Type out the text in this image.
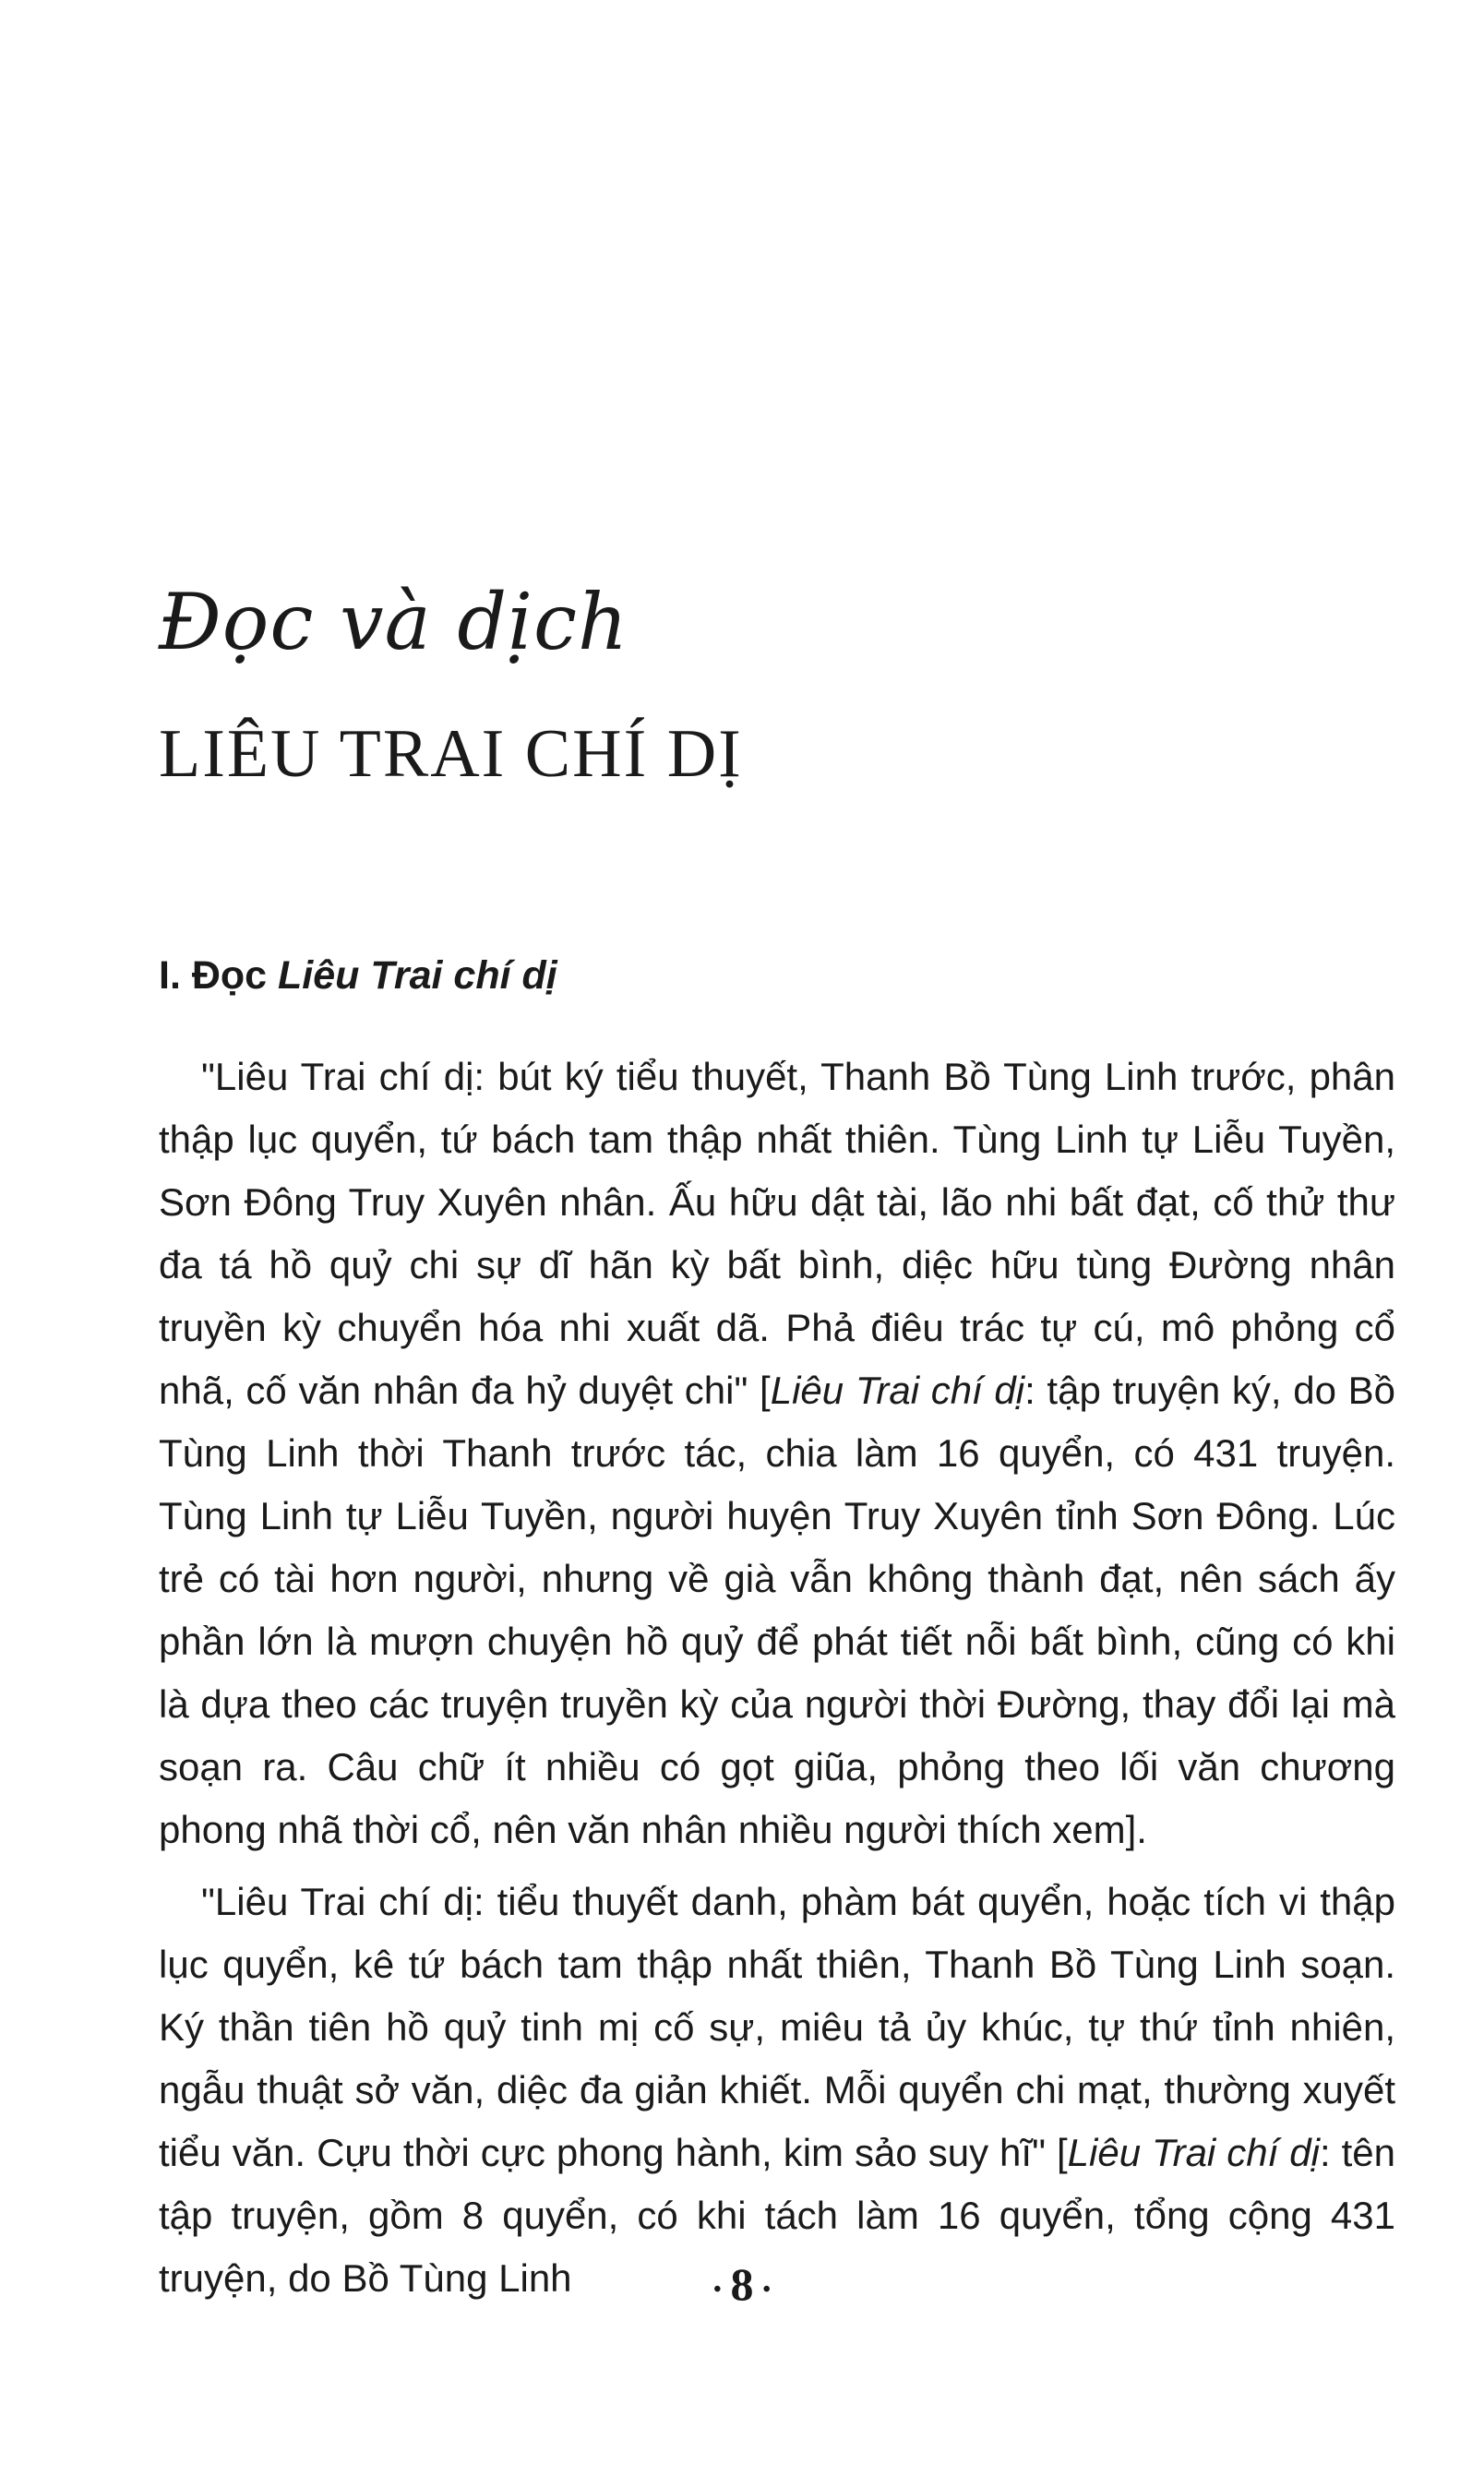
Đọc và dịch
LIÊU TRAI CHÍ DỊ
I. Đọc Liêu Trai chí dị

"Liêu Trai chí dị: bút ký tiểu thuyết, Thanh Bồ Tùng Linh trước, phân thập lục quyển, tứ bách tam thập nhất thiên. Tùng Linh tự Liễu Tuyền, Sơn Đông Truy Xuyên nhân. Ấu hữu dật tài, lão nhi bất đạt, cố thử thư đa tá hồ quỷ chi sự dĩ hãn kỳ bất bình, diệc hữu tùng Đường nhân truyền kỳ chuyển hóa nhi xuất dã. Phả điêu trác tự cú, mô phỏng cổ nhã, cố văn nhân đa hỷ duyệt chi" [Liêu Trai chí dị: tập truyện ký, do Bồ Tùng Linh thời Thanh trước tác, chia làm 16 quyển, có 431 truyện. Tùng Linh tự Liễu Tuyền, người huyện Truy Xuyên tỉnh Sơn Đông. Lúc trẻ có tài hơn người, nhưng về già vẫn không thành đạt, nên sách ấy phần lớn là mượn chuyện hồ quỷ để phát tiết nỗi bất bình, cũng có khi là dựa theo các truyện truyền kỳ của người thời Đường, thay đổi lại mà soạn ra. Câu chữ ít nhiều có gọt giũa, phỏng theo lối văn chương phong nhã thời cổ, nên văn nhân nhiều người thích xem].

"Liêu Trai chí dị: tiểu thuyết danh, phàm bát quyển, hoặc tích vi thập lục quyển, kê tứ bách tam thập nhất thiên, Thanh Bồ Tùng Linh soạn. Ký thần tiên hồ quỷ tinh mị cố sự, miêu tả ủy khúc, tự thứ tỉnh nhiên, ngẫu thuật sở văn, diệc đa giản khiết. Mỗi quyển chi mạt, thường xuyết tiểu văn. Cựu thời cực phong hành, kim sảo suy hĩ" [Liêu Trai chí dị: tên tập truyện, gồm 8 quyển, có khi tách làm 16 quyển, tổng cộng 431 truyện, do Bồ Tùng Linh	• 8 •
